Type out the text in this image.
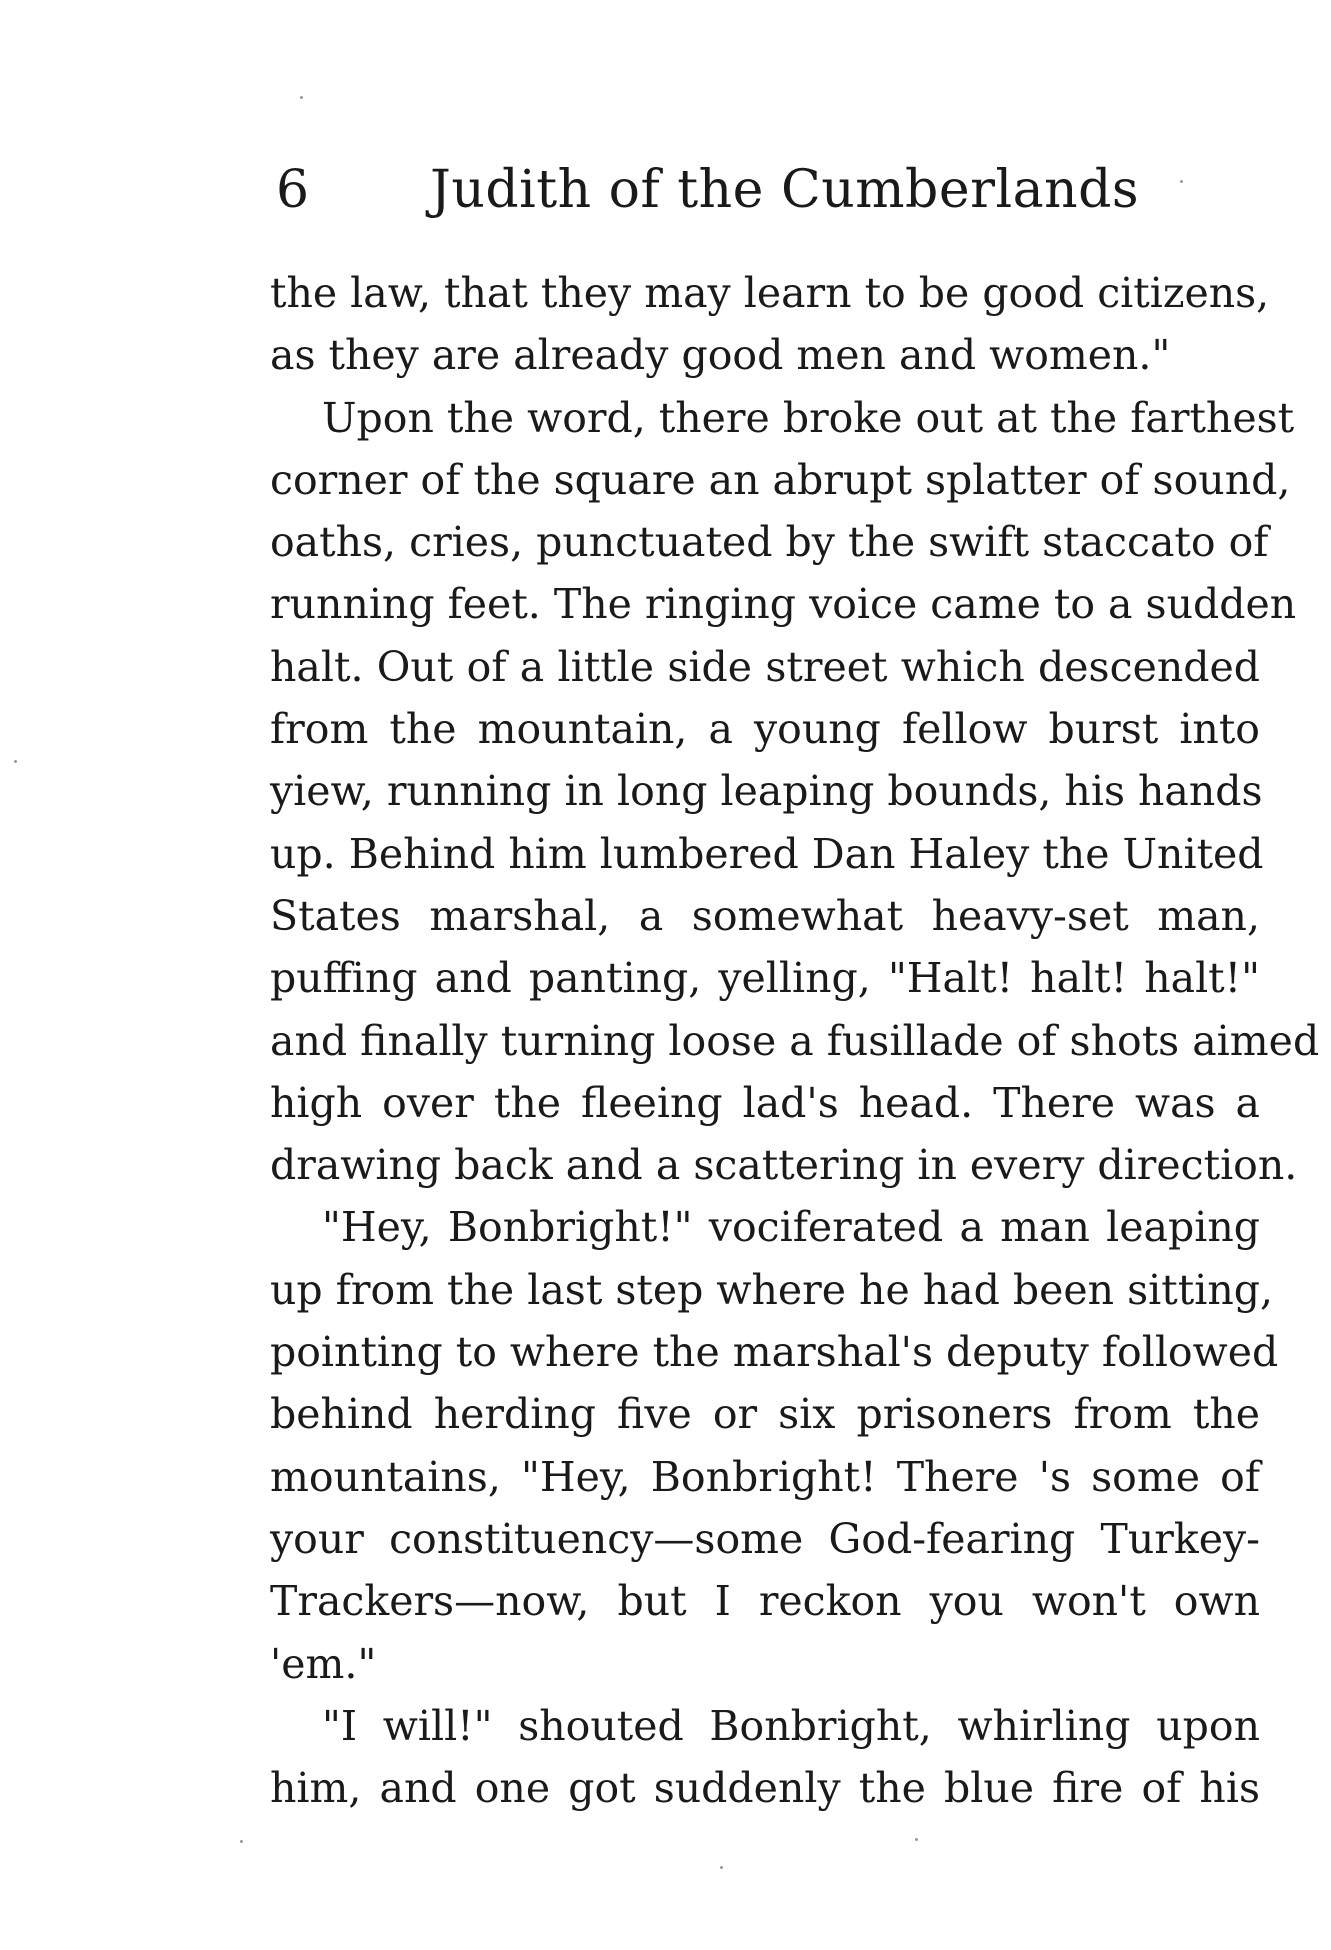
6 Judith of the Cumberlands
the law, that they may learn to be good citizens,
as they are already good men and women."
Upon the word, there broke out at the farthest
corner of the square an abrupt splatter of sound,
oaths, cries, punctuated by the swift staccato of
running feet. The ringing voice came to a sudden
halt. Out of a little side street which descended
from the mountain, a young fellow burst into
yiew, running in long leaping bounds, his hands
up. Behind him lumbered Dan Haley the United
States marshal, a somewhat heavy-set man,
puffing and panting, yelling, "Halt! halt! halt!"
and finally turning loose a fusillade of shots aimed
high over the fleeing lad's head. There was a
drawing back and a scattering in every direction.
"Hey, Bonbright!" vociferated a man leaping
up from the last step where he had been sitting,
pointing to where the marshal's deputy followed
behind herding five or six prisoners from the
mountains, "Hey, Bonbright! There 's some of
your constituency—some God-fearing Turkey-
Trackers—now, but I reckon you won't own
'em."
"I will!" shouted Bonbright, whirling upon
him, and one got suddenly the blue fire of his
